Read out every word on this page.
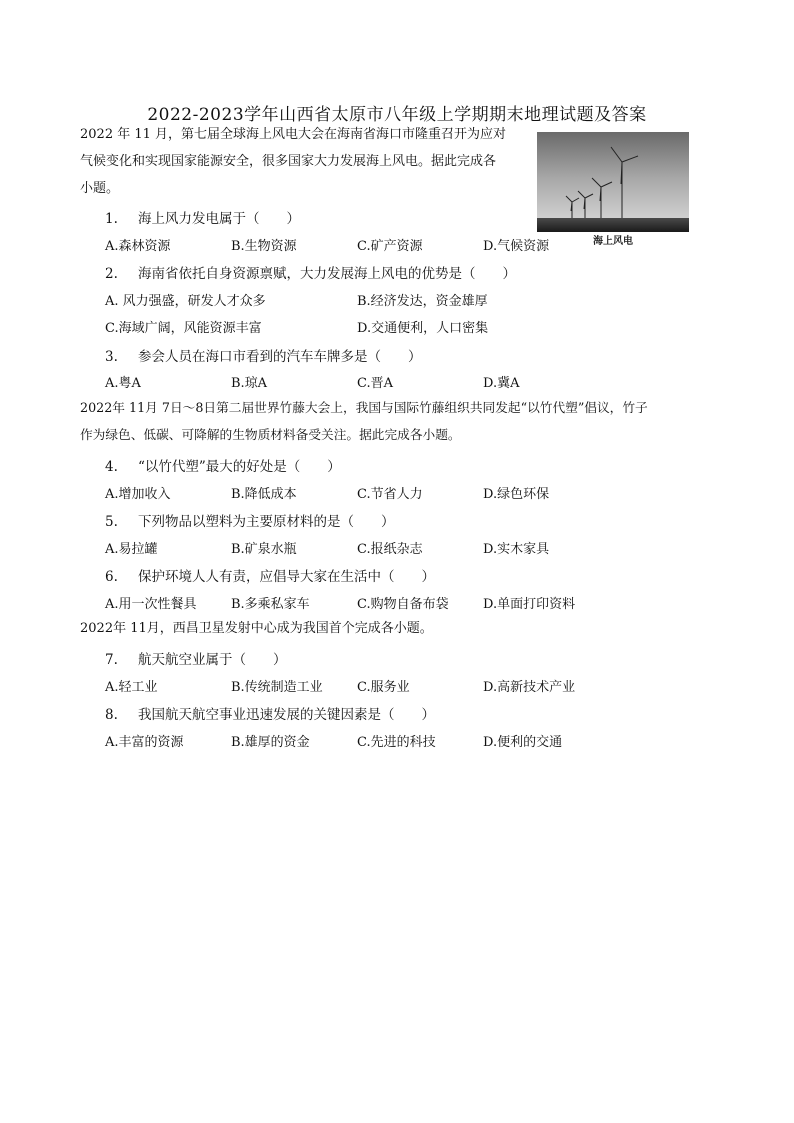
2022-2023学年山西省太原市八年级上学期期末地理试题及答案
2022 年 11 月，第七届全球海上风电大会在海南省海口市隆重召开为应对
气候变化和实现国家能源安全，很多国家大力发展海上风电。据此完成各
小题。
海上风电
1. 海上风力发电属于（　　）
A.森林资源	B.生物资源	C.矿产资源	D.气候资源
2. 海南省依托自身资源禀赋，大力发展海上风电的优势是（　　）
A. 风力强盛，研发人才众多	B.经济发达，资金雄厚
C.海域广阔，风能资源丰富	D.交通便利，人口密集
3. 参会人员在海口市看到的汽车车牌多是（　　）
A.粤A	B.琼A	C.晋A	D.冀A
2022年 11月 7日～8日第二届世界竹藤大会上，我国与国际竹藤组织共同发起“以竹代塑”倡议，竹子
作为绿色、低碳、可降解的生物质材料备受关注。据此完成各小题。
4. “以竹代塑”最大的好处是（　　）
A.增加收入	B.降低成本	C.节省人力	D.绿色环保
5. 下列物品以塑料为主要原材料的是（　　）
A.易拉罐	B.矿泉水瓶	C.报纸杂志	D.实木家具
6. 保护环境人人有责，应倡导大家在生活中（　　）
A.用一次性餐具	B.多乘私家车	C.购物自备布袋	D.单面打印资料
2022年 11月，西昌卫星发射中心成为我国首个完成各小题。
7. 航天航空业属于（　　）
A.轻工业	B.传统制造工业	C.服务业	D.高新技术产业
8. 我国航天航空事业迅速发展的关键因素是（　　）
A.丰富的资源	B.雄厚的资金	C.先进的科技	D.便利的交通
